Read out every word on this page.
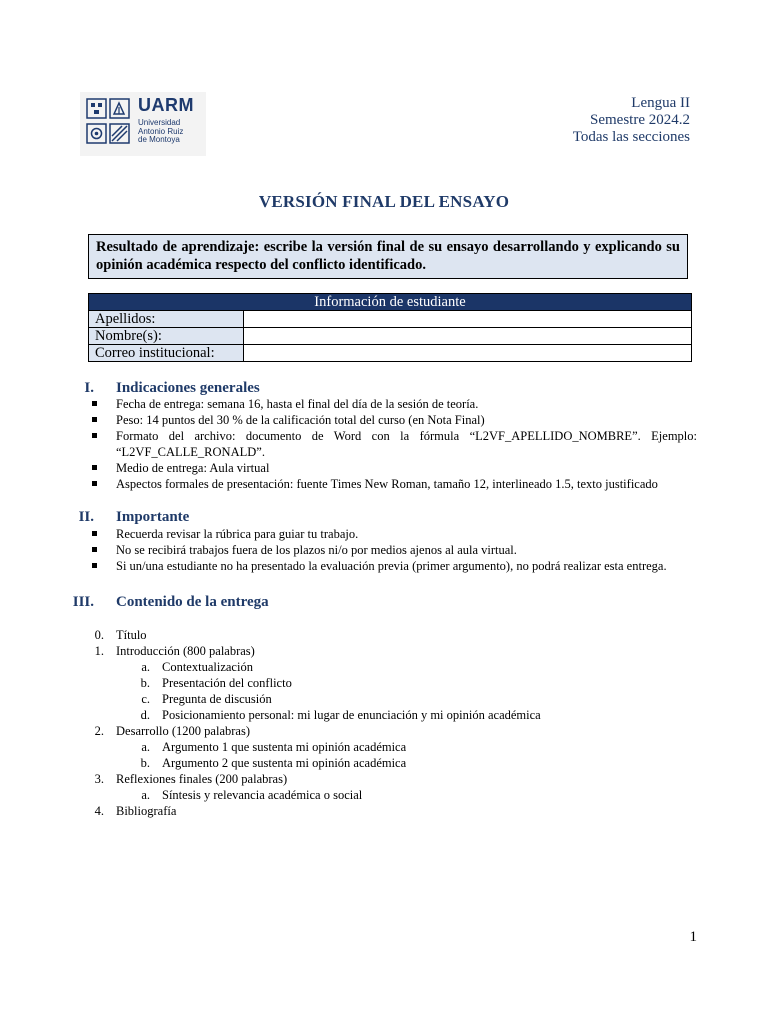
UARM
Universidad
Antonio Ruiz
de Montoya
Lengua II
Semestre 2024.2
Todas las secciones
VERSIÓN FINAL DEL ENSAYO
Resultado de aprendizaje: escribe la versión final de su ensayo desarrollando y explicando su opinión académica respecto del conflicto identificado.
Información de estudiante	
Apellidos:	
Nombre(s):	
Correo institucional:	
I. Indicaciones generales
Fecha de entrega: semana 16, hasta el final del día de la sesión de teoría.
Peso: 14 puntos del 30 % de la calificación total del curso (en Nota Final)
Formato del archivo: documento de Word con la fórmula “L2VF_APELLIDO_NOMBRE”. Ejemplo: “L2VF_CALLE_RONALD”.
Medio de entrega: Aula virtual
Aspectos formales de presentación: fuente Times New Roman, tamaño 12, interlineado 1.5, texto justificado
II. Importante
Recuerda revisar la rúbrica para guiar tu trabajo.
No se recibirá trabajos fuera de los plazos ni/o por medios ajenos al aula virtual.
Si un/una estudiante no ha presentado la evaluación previa (primer argumento), no podrá realizar esta entrega.
III. Contenido de la entrega
0. Título
1. Introducción (800 palabras)
a. Contextualización
b. Presentación del conflicto
c. Pregunta de discusión
d. Posicionamiento personal: mi lugar de enunciación y mi opinión académica
2. Desarrollo (1200 palabras)
a. Argumento 1 que sustenta mi opinión académica
b. Argumento 2 que sustenta mi opinión académica
3. Reflexiones finales (200 palabras)
a. Síntesis y relevancia académica o social
4. Bibliografía
1
